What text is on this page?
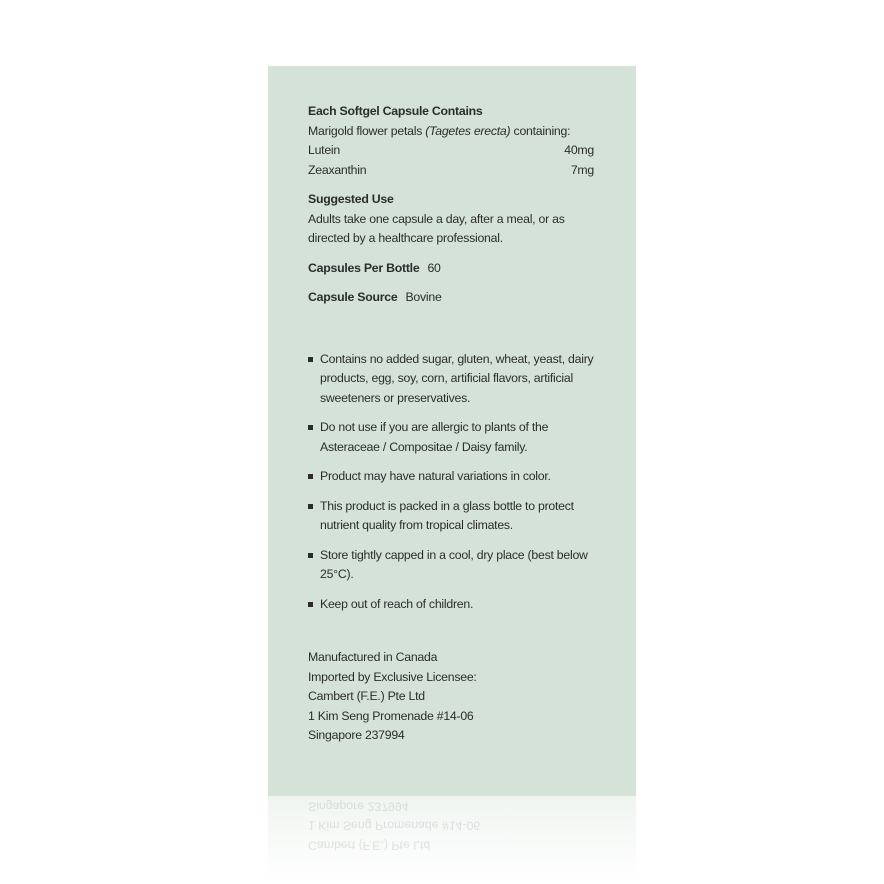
Each Softgel Capsule Contains
Marigold flower petals (Tagetes erecta) containing:
Lutein	40mg
Zeaxanthin	7mg
Suggested Use
Adults take one capsule a day, after a meal, or as directed by a healthcare professional.
Capsules Per Bottle 60
Capsule Source Bovine
Contains no added sugar, gluten, wheat, yeast, dairy products, egg, soy, corn, artificial flavors, artificial sweeteners or preservatives.
Do not use if you are allergic to plants of the Asteraceae / Compositae / Daisy family.
Product may have natural variations in color.
This product is packed in a glass bottle to protect nutrient quality from tropical climates.
Store tightly capped in a cool, dry place (best below 25°C).
Keep out of reach of children.
Manufactured in Canada
Imported by Exclusive Licensee:
Cambert (F.E.) Pte Ltd
1 Kim Seng Promenade #14-06
Singapore 237994
Cambert (F.E.) Pte Ltd
1 Kim Seng Promenade #14-06
Singapore 237994
